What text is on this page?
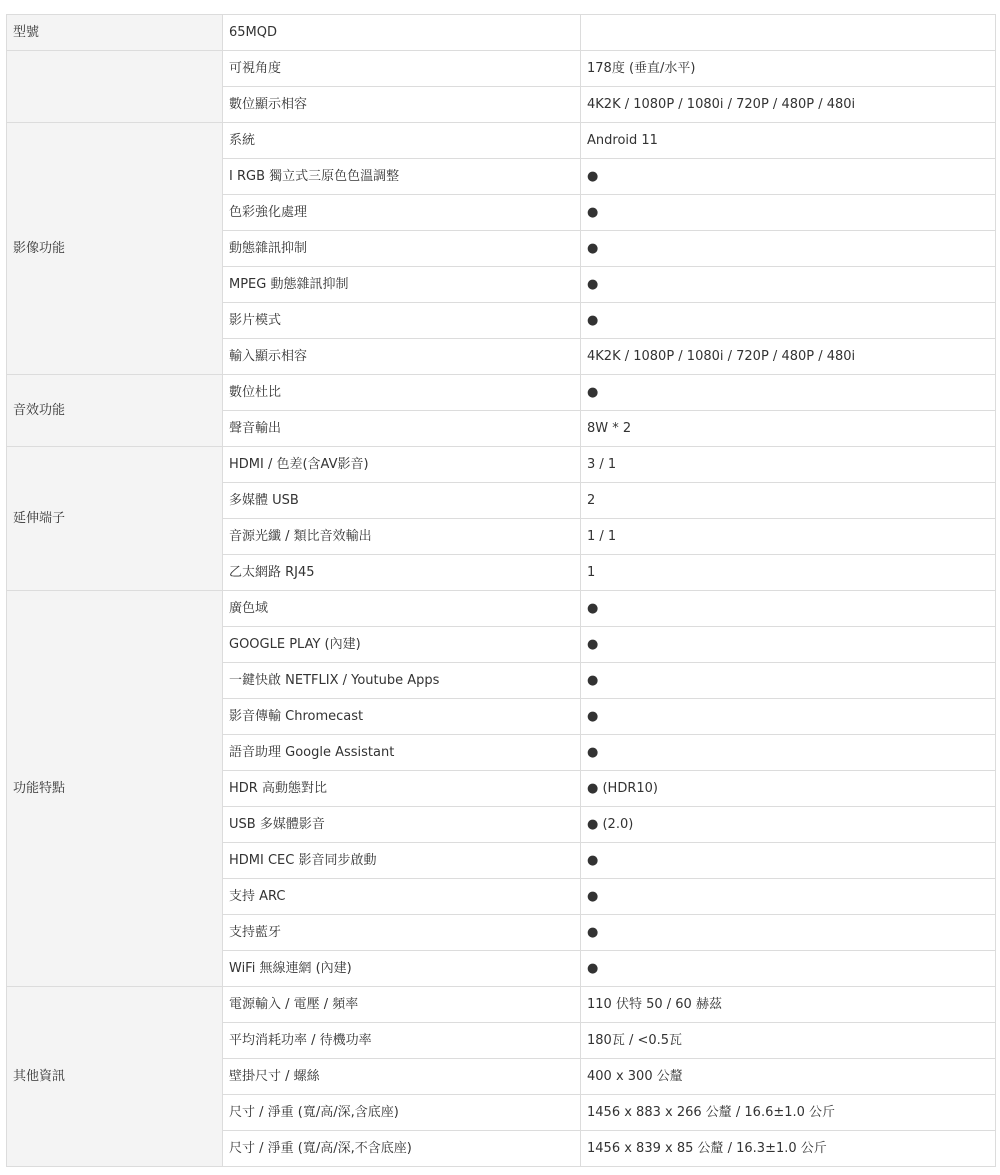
型號	65MQD	
	可視角度	178度 (垂直/水平)
	數位顯示相容	4K2K / 1080P / 1080i / 720P / 480P / 480i
影像功能	系統	Android 11
	I RGB 獨立式三原色色溫調整	●
	色彩強化處理	●
	動態雜訊抑制	●
	MPEG 動態雜訊抑制	●
	影片模式	●
	輸入顯示相容	4K2K / 1080P / 1080i / 720P / 480P / 480i
音效功能	數位杜比	●
	聲音輸出	8W * 2
延伸端子	HDMI / 色差(含AV影音)	3 / 1
	多媒體 USB	2
	音源光纖 / 類比音效輸出	1 / 1
	乙太網路 RJ45	1
功能特點	廣色域	●
	GOOGLE PLAY (內建)	●
	一鍵快啟 NETFLIX / Youtube Apps	●
	影音傳輸 Chromecast	●
	語音助理 Google Assistant	●
	HDR 高動態對比	● (HDR10)
	USB 多媒體影音	● (2.0)
	HDMI CEC 影音同步啟動	●
	支持 ARC	●
	支持藍牙	●
	WiFi 無線連網 (內建)	●
其他資訊	電源輸入 / 電壓 / 頻率	110 伏特 50 / 60 赫茲
	平均消耗功率 / 待機功率	180瓦 / <0.5瓦
	壁掛尺寸 / 螺絲	400 x 300 公釐
	尺寸 / 淨重 (寬/高/深,含底座)	1456 x 883 x 266 公釐 / 16.6±1.0 公斤
	尺寸 / 淨重 (寬/高/深,不含底座)	1456 x 839 x 85 公釐 / 16.3±1.0 公斤
